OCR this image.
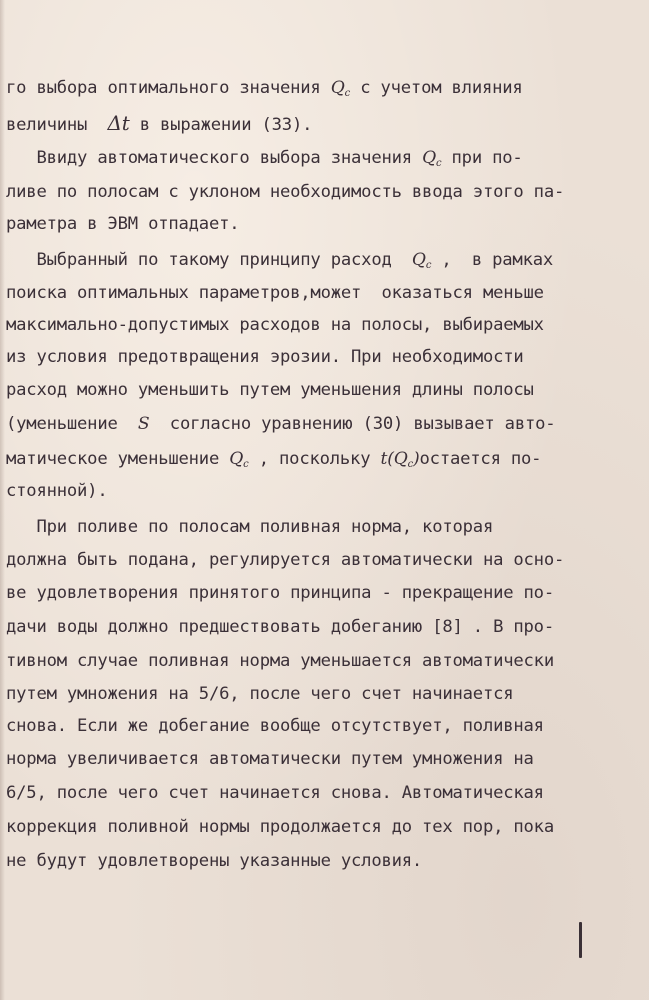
го выбора оптимального значения $Q_c$ с учетом влияния
величины  Δt в выражении (33).
Ввиду автоматического выбора значения $Q_c$ при по-
ливе по полосам с уклоном необходимость ввода этого па-
раметра в ЭВМ отпадает.
Выбранный по такому принципу расход  $Q_c$ ,  в рамках
поиска оптимальных параметров,может  оказаться меньше
максимально-допустимых расходов на полосы, выбираемых
из условия предотвращения эрозии. При необходимости
расход можно уменьшить путем уменьшения длины полосы
(уменьшение  S  согласно уравнению (30) вызывает авто-
матическое уменьшение $Q_c$ , поскольку $t(Q_c)остается$ по-
стоянной).
При поливе по полосам поливная норма, которая
должна быть подана, регулируется автоматически на осно-
ве удовлетворения принятого принципа - прекращение по-
дачи воды должно предшествовать добеганию [8] . В про-
тивном случае поливная норма уменьшается автоматически
путем умножения на 5/6, после чего счет начинается
снова. Если же добегание вообще отсутствует, поливная
норма увеличивается автоматически путем умножения на
6/5, после чего счет начинается снова. Автоматическая
коррекция поливной нормы продолжается до тех пор, пока
не будут удовлетворены указанные условия.
